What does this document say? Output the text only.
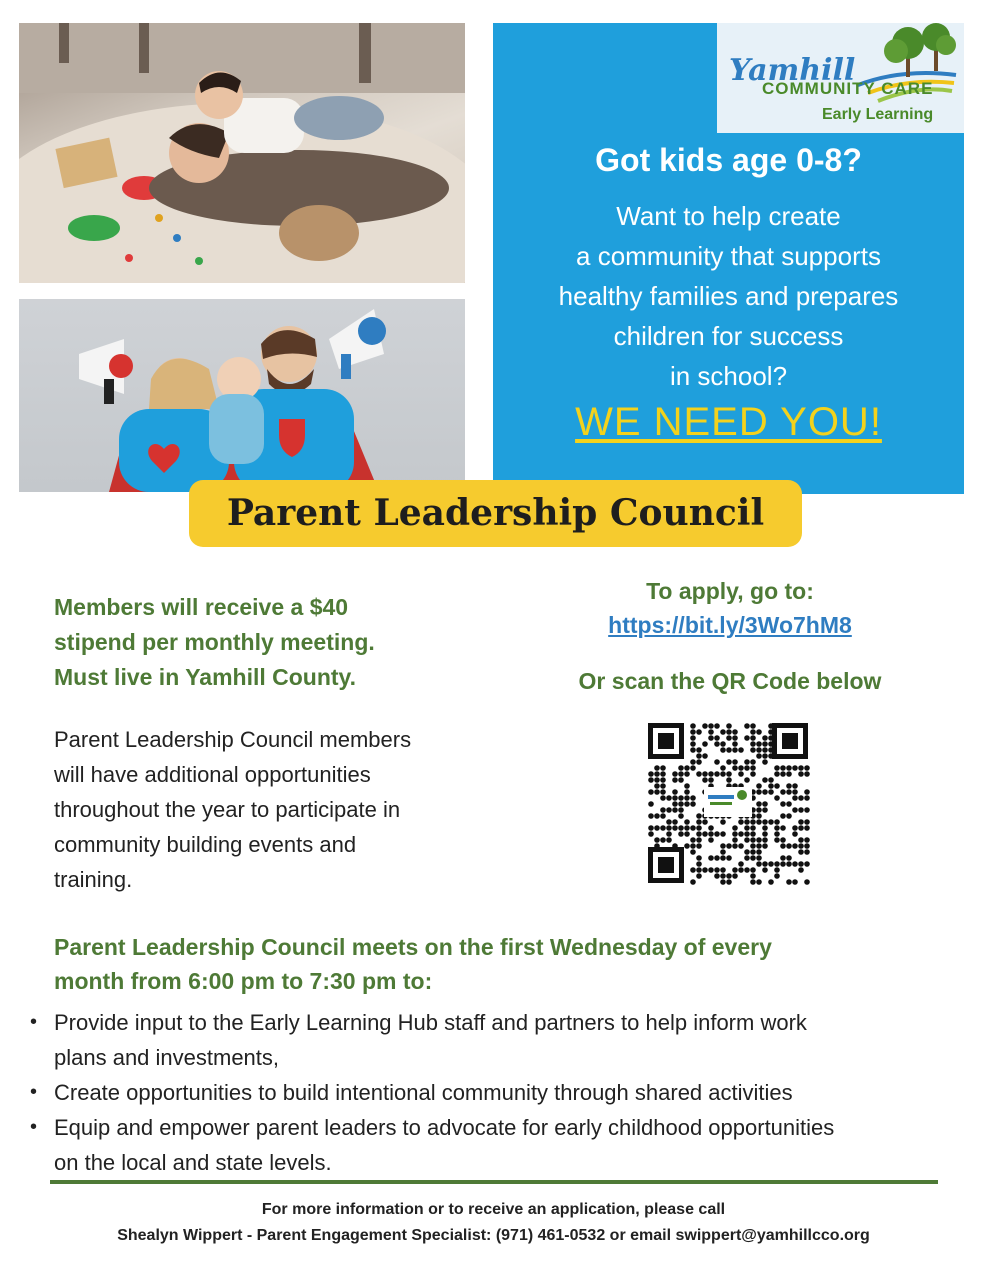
Yamhill
COMMUNITY CARE
Early Learning
Got kids age 0-8?
Want to help create
a community that supports
healthy families and prepares
children for success
in school?
WE NEED YOU!
Parent Leadership Council
Members will receive a $40
stipend per monthly meeting.
Must live in Yamhill County.
To apply, go to:
https://bit.ly/3Wo7hM8
Or scan the QR Code below
Parent Leadership Council members
will have additional opportunities
throughout the year to participate in
community building events and
training.
Parent Leadership Council meets on the first Wednesday of every
month from 6:00 pm to 7:30 pm to:
• Provide input to the Early Learning Hub staff and partners to help inform work
plans and investments,
• Create opportunities to build intentional community through shared activities
• Equip and empower parent leaders to advocate for early childhood opportunities
on the local and state levels.
For more information or to receive an application, please call
Shealyn Wippert - Parent Engagement Specialist: (971) 461-0532 or email swippert@yamhillcco.org
